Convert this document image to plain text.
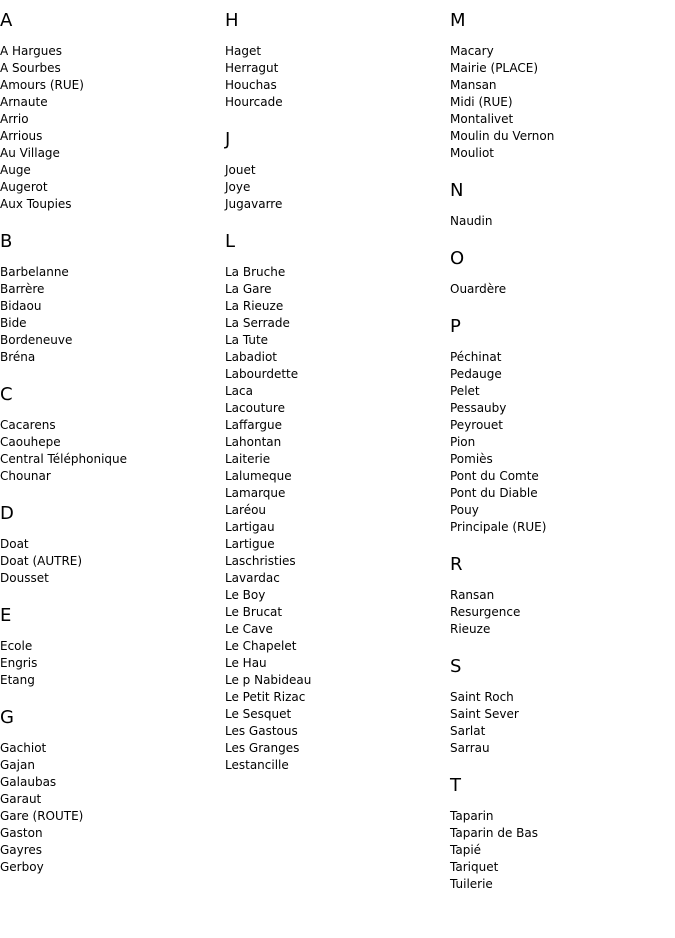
A
A Hargues
A Sourbes
Amours (RUE)
Arnaute
Arrio
Arrious
Au Village
Auge
Augerot
Aux Toupies
B
Barbelanne
Barrère
Bidaou
Bide
Bordeneuve
Bréna
C
Cacarens
Caouhepe
Central Téléphonique
Chounar
D
Doat
Doat (AUTRE)
Dousset
E
Ecole
Engris
Etang
G
Gachiot
Gajan
Galaubas
Garaut
Gare (ROUTE)
Gaston
Gayres
Gerboy
H
Haget
Herragut
Houchas
Hourcade
J
Jouet
Joye
Jugavarre
L
La Bruche
La Gare
La Rieuze
La Serrade
La Tute
Labadiot
Labourdette
Laca
Lacouture
Laffargue
Lahontan
Laiterie
Lalumeque
Lamarque
Laréou
Lartigau
Lartigue
Laschristies
Lavardac
Le Boy
Le Brucat
Le Cave
Le Chapelet
Le Hau
Le p Nabideau
Le Petit Rizac
Le Sesquet
Les Gastous
Les Granges
Lestancille
M
Macary
Mairie (PLACE)
Mansan
Midi (RUE)
Montalivet
Moulin du Vernon
Mouliot
N
Naudin
O
Ouardère
P
Péchinat
Pedauge
Pelet
Pessauby
Peyrouet
Pion
Pomiès
Pont du Comte
Pont du Diable
Pouy
Principale (RUE)
R
Ransan
Resurgence
Rieuze
S
Saint Roch
Saint Sever
Sarlat
Sarrau
T
Taparin
Taparin de Bas
Tapié
Tariquet
Tuilerie
